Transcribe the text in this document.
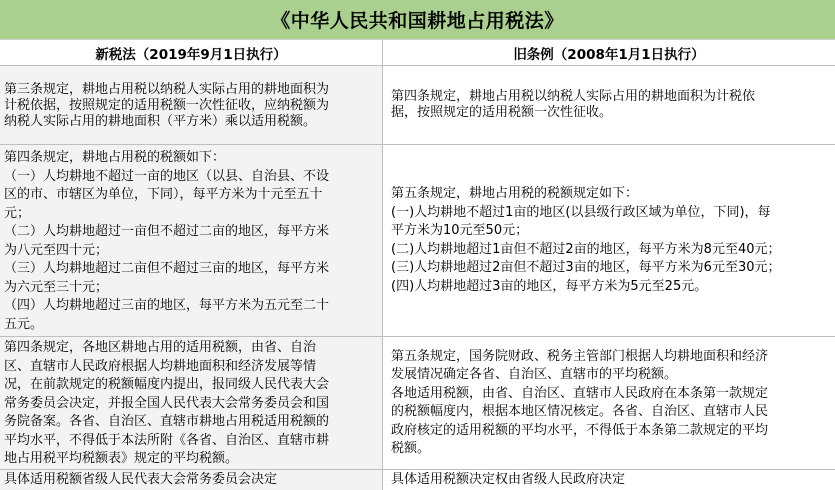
《中华人民共和国耕地占用税法》
新税法（2019年9月1日执行）	旧条例（2008年1月1日执行）
第三条规定，耕地占用税以纳税人实际占用的耕地面积为
计税依据，按照规定的适用税额一次性征收，应纳税额为
纳税人实际占用的耕地面积（平方米）乘以适用税额。
第四条规定，耕地占用税以纳税人实际占用的耕地面积为计税依
据，按照规定的适用税额一次性征收。
第四条规定，耕地占用税的税额如下：
（一）人均耕地不超过一亩的地区（以县、自治县、不设
区的市、市辖区为单位，下同），每平方米为十元至五十
元；
（二）人均耕地超过一亩但不超过二亩的地区，每平方米
为八元至四十元；
（三）人均耕地超过二亩但不超过三亩的地区，每平方米
为六元至三十元；
（四）人均耕地超过三亩的地区，每平方米为五元至二十
五元。
第五条规定，耕地占用税的税额规定如下：
(一)人均耕地不超过1亩的地区(以县级行政区域为单位，下同)，每
平方米为10元至50元；
(二)人均耕地超过1亩但不超过2亩的地区，每平方米为8元至40元；
(三)人均耕地超过2亩但不超过3亩的地区，每平方米为6元至30元；
(四)人均耕地超过3亩的地区，每平方米为5元至25元。
第四条规定，各地区耕地占用的适用税额，由省、自治
区、直辖市人民政府根据人均耕地面积和经济发展等情
况，在前款规定的税额幅度内提出，报同级人民代表大会
常务委员会决定，并报全国人民代表大会常务委员会和国
务院备案。各省、自治区、直辖市耕地占用税适用税额的
平均水平，不得低于本法所附《各省、自治区、直辖市耕
地占用税平均税额表》规定的平均税额。
第五条规定，国务院财政、税务主管部门根据人均耕地面积和经济
发展情况确定各省、自治区、直辖市的平均税额。
各地适用税额，由省、自治区、直辖市人民政府在本条第一款规定
的税额幅度内，根据本地区情况核定。各省、自治区、直辖市人民
政府核定的适用税额的平均水平，不得低于本条第二款规定的平均
税额。
具体适用税额省级人民代表大会常务委员会决定	具体适用税额决定权由省级人民政府决定
